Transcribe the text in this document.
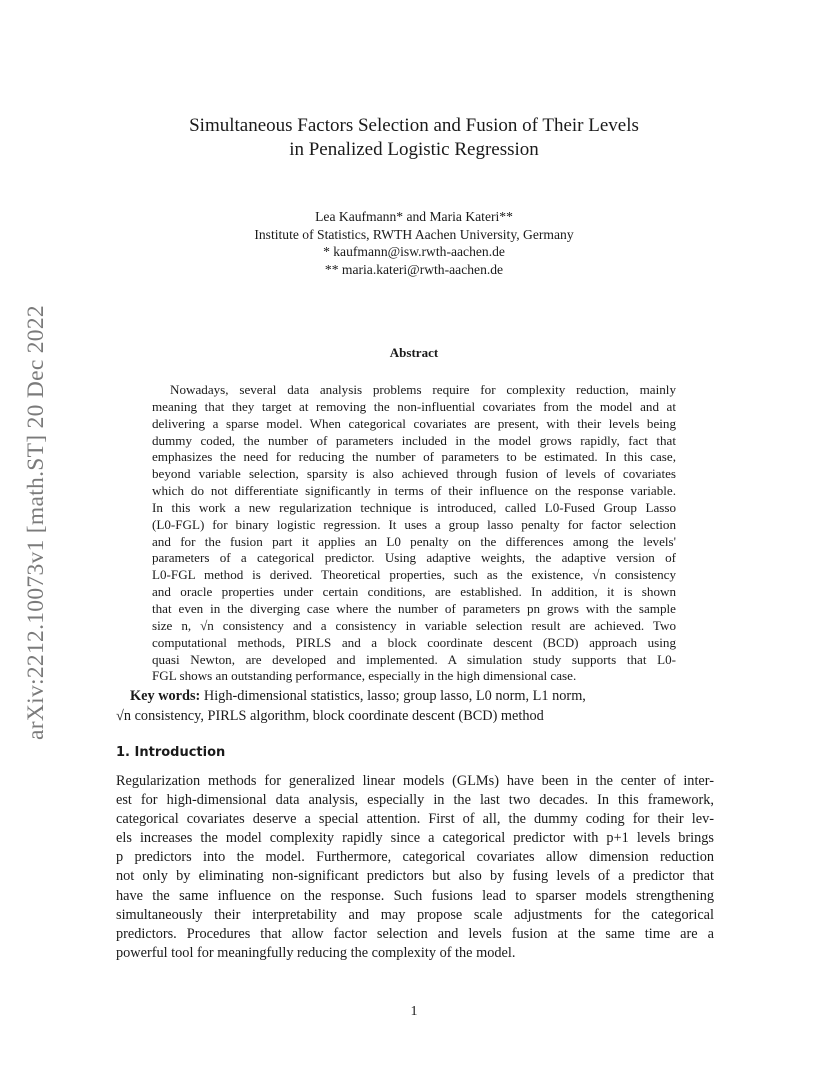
arXiv:2212.10073v1 [math.ST] 20 Dec 2022
Simultaneous Factors Selection and Fusion of Their Levels
in Penalized Logistic Regression
Lea Kaufmann* and Maria Kateri**
Institute of Statistics, RWTH Aachen University, Germany
* kaufmann@isw.rwth-aachen.de
** maria.kateri@rwth-aachen.de
Abstract
Nowadays, several data analysis problems require for complexity reduction, mainly
meaning that they target at removing the non-influential covariates from the model and at
delivering a sparse model. When categorical covariates are present, with their levels being
dummy coded, the number of parameters included in the model grows rapidly, fact that
emphasizes the need for reducing the number of parameters to be estimated. In this case,
beyond variable selection, sparsity is also achieved through fusion of levels of covariates
which do not differentiate significantly in terms of their influence on the response variable.
In this work a new regularization technique is introduced, called L0-Fused Group Lasso
(L0-FGL) for binary logistic regression. It uses a group lasso penalty for factor selection
and for the fusion part it applies an L0 penalty on the differences among the levels'
parameters of a categorical predictor. Using adaptive weights, the adaptive version of
L0-FGL method is derived. Theoretical properties, such as the existence, √n consistency
and oracle properties under certain conditions, are established. In addition, it is shown
that even in the diverging case where the number of parameters pn grows with the sample
size n, √n consistency and a consistency in variable selection result are achieved. Two
computational methods, PIRLS and a block coordinate descent (BCD) approach using
quasi Newton, are developed and implemented. A simulation study supports that L0-
FGL shows an outstanding performance, especially in the high dimensional case.
Key words: High-dimensional statistics, lasso; group lasso, L0 norm, L1 norm,
√n consistency, PIRLS algorithm, block coordinate descent (BCD) method
1. Introduction
Regularization methods for generalized linear models (GLMs) have been in the center of inter-
est for high-dimensional data analysis, especially in the last two decades. In this framework,
categorical covariates deserve a special attention. First of all, the dummy coding for their lev-
els increases the model complexity rapidly since a categorical predictor with p+1 levels brings
p predictors into the model. Furthermore, categorical covariates allow dimension reduction
not only by eliminating non-significant predictors but also by fusing levels of a predictor that
have the same influence on the response. Such fusions lead to sparser models strengthening
simultaneously their interpretability and may propose scale adjustments for the categorical
predictors. Procedures that allow factor selection and levels fusion at the same time are a
powerful tool for meaningfully reducing the complexity of the model.
1
